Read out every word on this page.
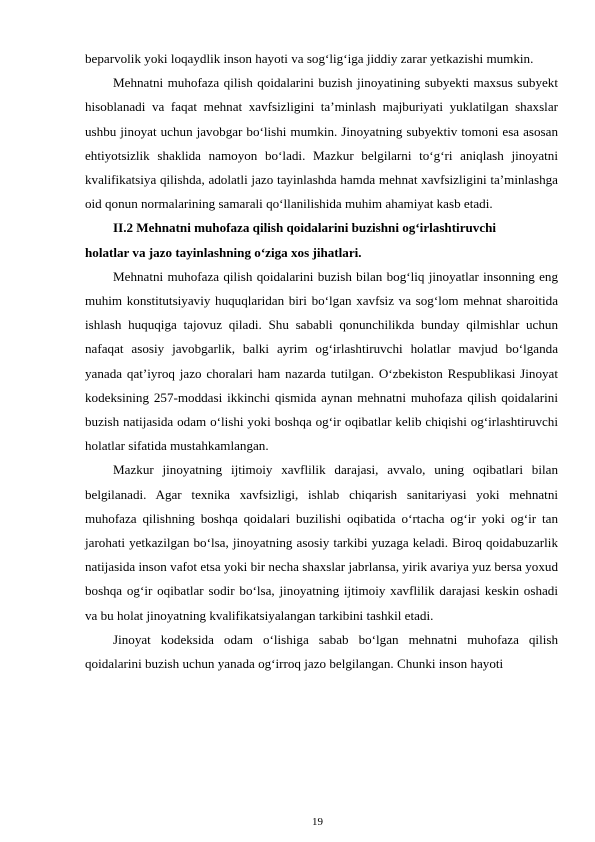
beparvolik yoki loqaydlik inson hayoti va sog‘lig‘iga jiddiy zarar yetkazishi mumkin.

Mehnatni muhofaza qilish qoidalarini buzish jinoyatining subyekti maxsus subyekt hisoblanadi va faqat mehnat xavfsizligini ta’minlash majburiyati yuklatilgan shaxslar ushbu jinoyat uchun javobgar bo‘lishi mumkin. Jinoyatning subyektiv tomoni esa asosan ehtiyotsizlik shaklida namoyon bo‘ladi. Mazkur belgilarni to‘g‘ri aniqlash jinoyatni kvalifikatsiya qilishda, adolatli jazo tayinlashda hamda mehnat xavfsizligini ta’minlashga oid qonun normalarining samarali qo‘llanilishida muhim ahamiyat kasb etadi.

II.2 Mehnatni muhofaza qilish qoidalarini buzishni og‘irlashtiruvchi
holatlar va jazo tayinlashning o‘ziga xos jihatlari.

Mehnatni muhofaza qilish qoidalarini buzish bilan bog‘liq jinoyatlar insonning eng muhim konstitutsiyaviy huquqlaridan biri bo‘lgan xavfsiz va sog‘lom mehnat sharoitida ishlash huquqiga tajovuz qiladi. Shu sababli qonunchilikda bunday qilmishlar uchun nafaqat asosiy javobgarlik, balki ayrim og‘irlashtiruvchi holatlar mavjud bo‘lganda yanada qat’iyroq jazo choralari ham nazarda tutilgan. O‘zbekiston Respublikasi Jinoyat kodeksining 257-moddasi ikkinchi qismida aynan mehnatni muhofaza qilish qoidalarini buzish natijasida odam o‘lishi yoki boshqa og‘ir oqibatlar kelib chiqishi og‘irlashtiruvchi holatlar sifatida mustahkamlangan.

Mazkur jinoyatning ijtimoiy xavflilik darajasi, avvalo, uning oqibatlari bilan belgilanadi. Agar texnika xavfsizligi, ishlab chiqarish sanitariyasi yoki mehnatni muhofaza qilishning boshqa qoidalari buzilishi oqibatida o‘rtacha og‘ir yoki og‘ir tan jarohati yetkazilgan bo‘lsa, jinoyatning asosiy tarkibi yuzaga keladi. Biroq qoidabuzarlik natijasida inson vafot etsa yoki bir necha shaxslar jabrlansa, yirik avariya yuz bersa yoxud boshqa og‘ir oqibatlar sodir bo‘lsa, jinoyatning ijtimoiy xavflilik darajasi keskin oshadi va bu holat jinoyatning kvalifikatsiyalangan tarkibini tashkil etadi.

Jinoyat kodeksida odam o‘lishiga sabab bo‘lgan mehnatni muhofaza qilish qoidalarini buzish uchun yanada og‘irroq jazo belgilangan. Chunki inson hayoti

19
